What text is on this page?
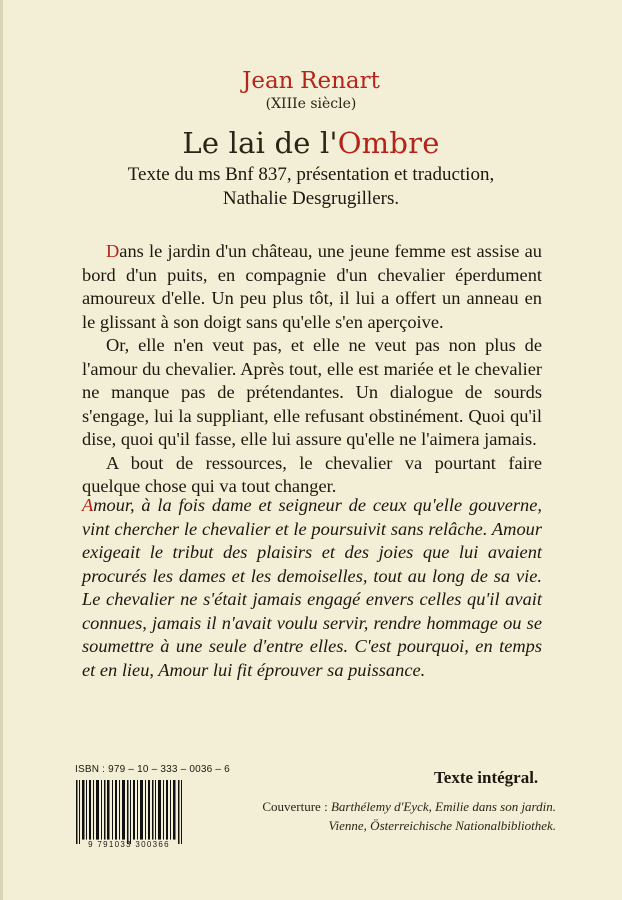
Jean Renart
(XIIIe siècle)
Le lai de l'Ombre
Texte du ms Bnf 837, présentation et traduction,
Nathalie Desgrugillers.

Dans le jardin d'un château, une jeune femme est assise au bord d'un puits, en compagnie d'un chevalier éperdument amoureux d'elle. Un peu plus tôt, il lui a offert un anneau en le glissant à son doigt sans qu'elle s'en aperçoive.

Or, elle n'en veut pas, et elle ne veut pas non plus de l'amour du chevalier. Après tout, elle est mariée et le chevalier ne manque pas de prétendantes. Un dialogue de sourds s'engage, lui la suppliant, elle refusant obstinément. Quoi qu'il dise, quoi qu'il fasse, elle lui assure qu'elle ne l'aimera jamais.

A bout de ressources, le chevalier va pourtant faire quelque chose qui va tout changer.

Amour, à la fois dame et seigneur de ceux qu'elle gouverne, vint chercher le chevalier et le poursuivit sans relâche. Amour exigeait le tribut des plaisirs et des joies que lui avaient procurés les dames et les demoiselles, tout au long de sa vie. Le chevalier ne s'était jamais engagé envers celles qu'il avait connues, jamais il n'avait voulu servir, rendre hommage ou se soumettre à une seule d'entre elles. C'est pourquoi, en temps et en lieu, Amour lui fit éprouver sa puissance.
ISBN : 979 – 10 – 333 – 0036 – 6
9 791033 300366
Texte intégral.
Couverture : Barthélemy d'Eyck, Emilie dans son jardin.
Vienne, Österreichische Nationalbibliothek.
